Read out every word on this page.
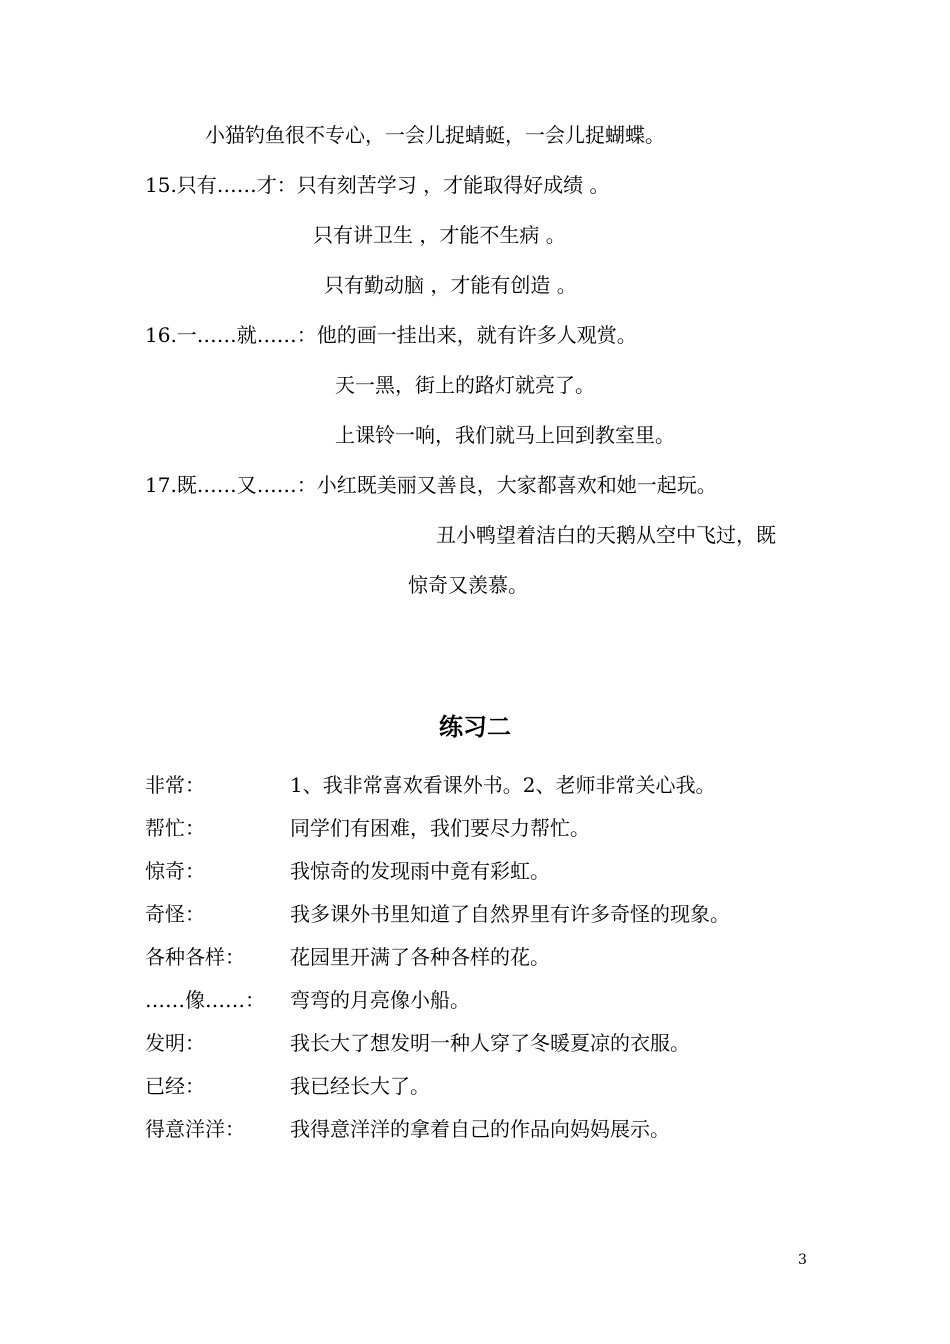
小猫钓鱼很不专心，一会儿捉蜻蜓，一会儿捉蝴蝶。
15.只有……才：只有刻苦学习 ，才能取得好成绩 。
只有讲卫生 ，才能不生病 。
只有勤动脑 ，才能有创造 。
16.一……就……：他的画一挂出来，就有许多人观赏。
天一黑，街上的路灯就亮了。
上课铃一响，我们就马上回到教室里。
17.既……又……：小红既美丽又善良，大家都喜欢和她一起玩。
丑小鸭望着洁白的天鹅从空中飞过，既
惊奇又羡慕。
练习二
非常：	1、我非常喜欢看课外书。2、老师非常关心我。
帮忙：	同学们有困难，我们要尽力帮忙。
惊奇：	我惊奇的发现雨中竟有彩虹。
奇怪：	我多课外书里知道了自然界里有许多奇怪的现象。
各种各样： 花园里开满了各种各样的花。
……像……： 弯弯的月亮像小船。
发明：	我长大了想发明一种人穿了冬暖夏凉的衣服。
已经：	我已经长大了。
得意洋洋： 我得意洋洋的拿着自己的作品向妈妈展示。
3
